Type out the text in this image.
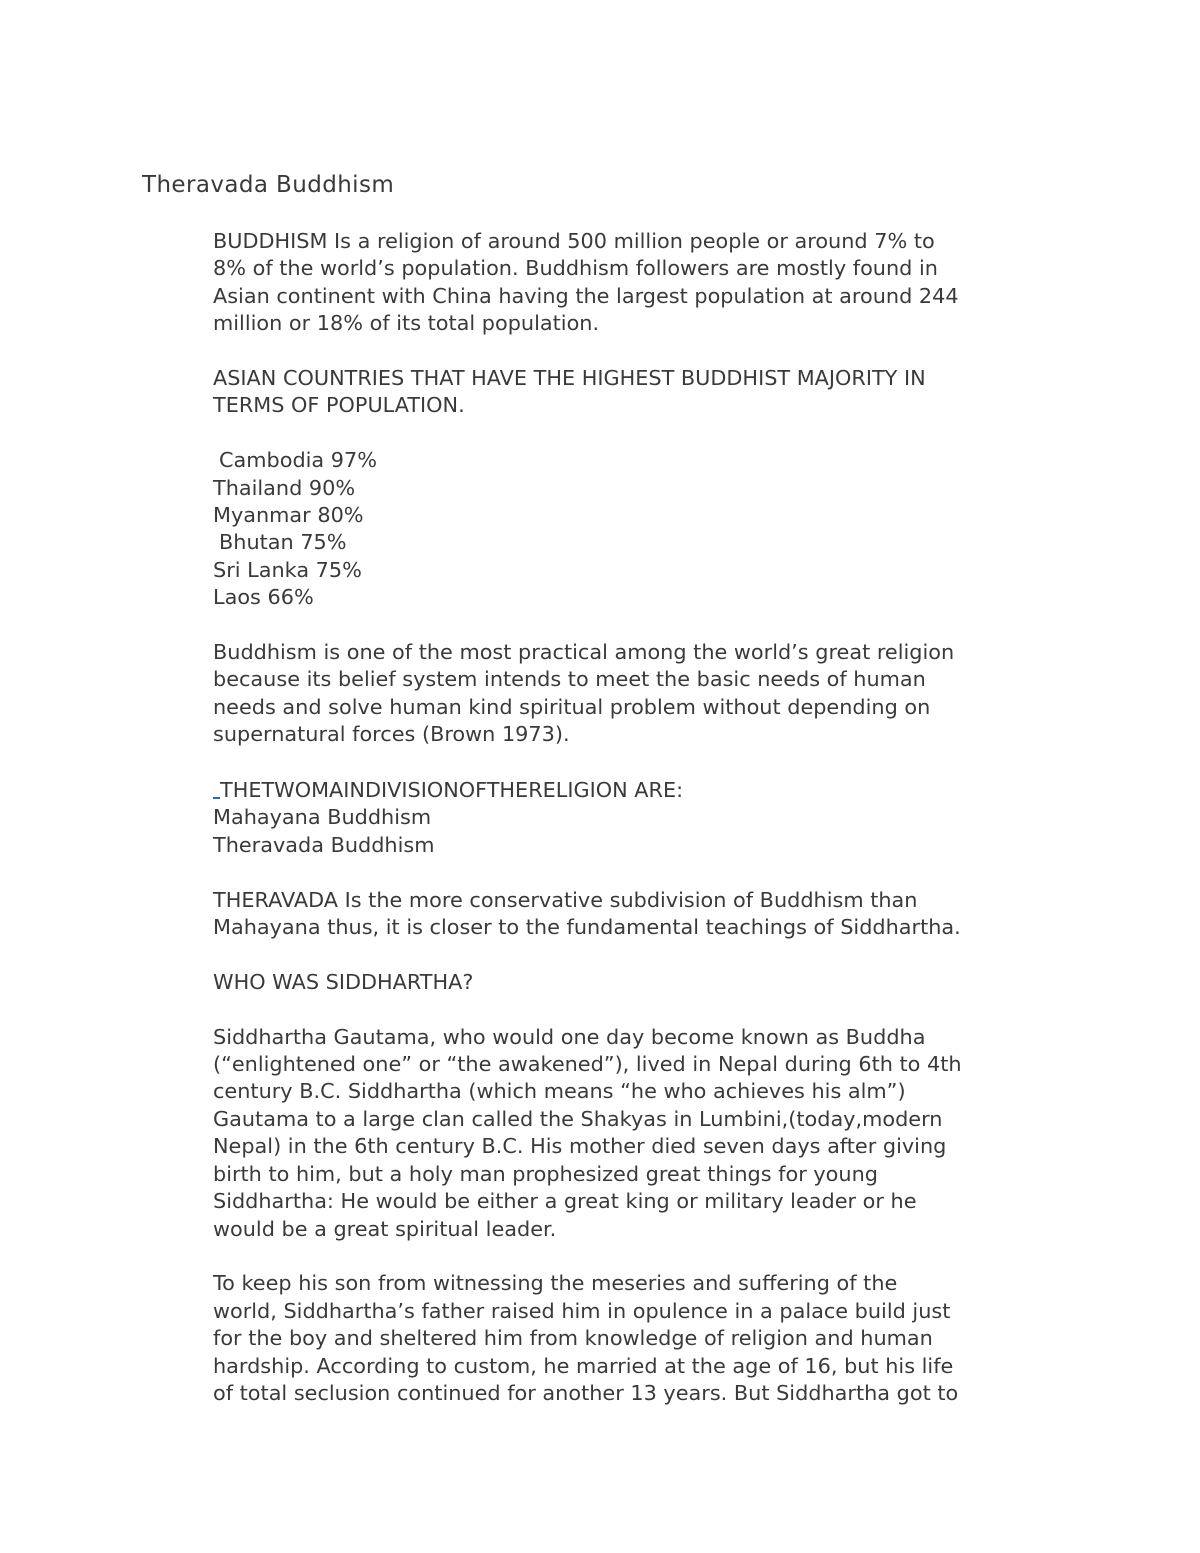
Theravada Buddhism
BUDDHISM Is a religion of around 500 million people or around 7% to
8% of the world’s population. Buddhism followers are mostly found in
Asian continent with China having the largest population at around 244
million or 18% of its total population.
ASIAN COUNTRIES THAT HAVE THE HIGHEST BUDDHIST MAJORITY IN
TERMS OF POPULATION.
Cambodia 97%
Thailand 90%
Myanmar 80%
Bhutan 75%
Sri Lanka 75%
Laos 66%
Buddhism is one of the most practical among the world’s great religion
because its belief system intends to meet the basic needs of human
needs and solve human kind spiritual problem without depending on
supernatural forces (Brown 1973).
THETWOMAINDIVISIONOFTHERELIGION ARE:
Mahayana Buddhism
Theravada Buddhism
THERAVADA Is the more conservative subdivision of Buddhism than
Mahayana thus, it is closer to the fundamental teachings of Siddhartha.
WHO WAS SIDDHARTHA?
Siddhartha Gautama, who would one day become known as Buddha
(“enlightened one” or “the awakened”), lived in Nepal during 6th to 4th
century B.C. Siddhartha (which means “he who achieves his alm”)
Gautama to a large clan called the Shakyas in Lumbini,(today,modern
Nepal) in the 6th century B.C. His mother died seven days after giving
birth to him, but a holy man prophesized great things for young
Siddhartha: He would be either a great king or military leader or he
would be a great spiritual leader.
To keep his son from witnessing the meseries and suffering of the
world, Siddhartha’s father raised him in opulence in a palace build just
for the boy and sheltered him from knowledge of religion and human
hardship. According to custom, he married at the age of 16, but his life
of total seclusion continued for another 13 years. But Siddhartha got to
